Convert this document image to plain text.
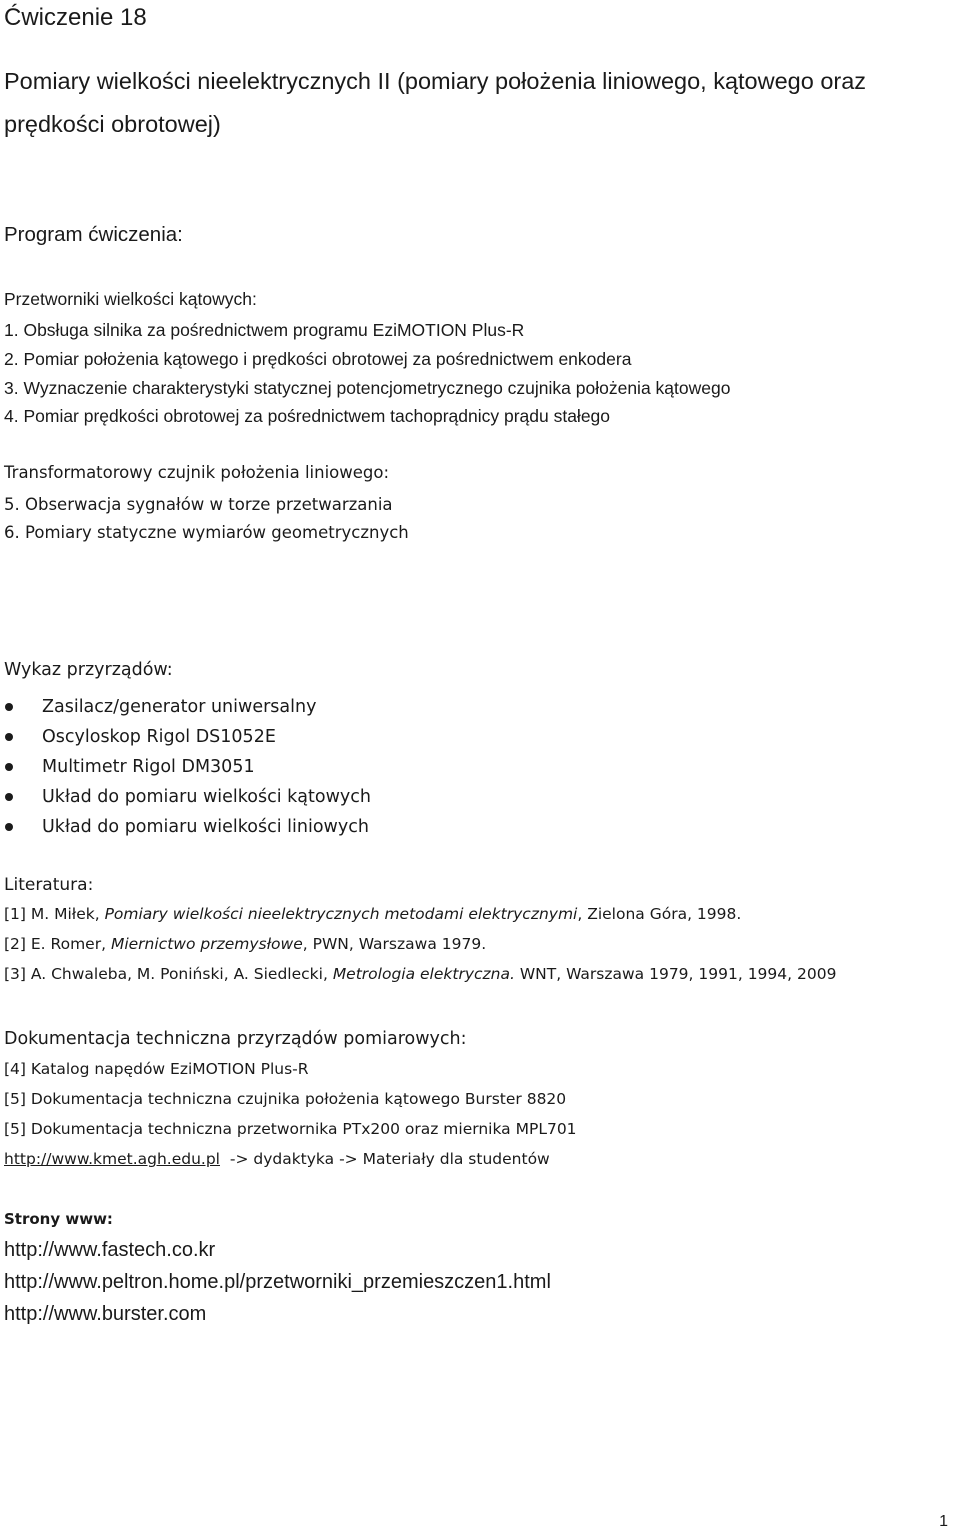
Ćwiczenie 18

Pomiary wielkości nieelektrycznych II (pomiary położenia liniowego, kątowego oraz prędkości obrotowej)

Program ćwiczenia:

Przetworniki wielkości kątowych:

1. Obsługa silnika za pośrednictwem programu EziMOTION Plus-R

2. Pomiar położenia kątowego i prędkości obrotowej za pośrednictwem enkodera

3. Wyznaczenie charakterystyki statycznej potencjometrycznego czujnika położenia kątowego

4. Pomiar prędkości obrotowej za pośrednictwem tachoprądnicy prądu stałego

Transformatorowy czujnik położenia liniowego:

5. Obserwacja sygnałów w torze przetwarzania

6. Pomiary statyczne wymiarów geometrycznych

Wykaz przyrządów:

Zasilacz/generator uniwersalny
Oscyloskop Rigol DS1052E
Multimetr Rigol DM3051
Układ do pomiaru wielkości kątowych
Układ do pomiaru wielkości liniowych

Literatura:

[1] M. Miłek, Pomiary wielkości nieelektrycznych metodami elektrycznymi, Zielona Góra, 1998.

[2] E. Romer, Miernictwo przemysłowe, PWN, Warszawa 1979.

[3] A. Chwaleba, M. Poniński, A. Siedlecki, Metrologia elektryczna. WNT, Warszawa 1979, 1991, 1994, 2009

Dokumentacja techniczna przyrządów pomiarowych:

[4] Katalog napędów EziMOTION Plus-R

[5] Dokumentacja techniczna czujnika położenia kątowego Burster 8820

[5] Dokumentacja techniczna przetwornika PTx200 oraz miernika MPL701

http://www.kmet.agh.edu.pl  -> dydaktyka -> Materiały dla studentów

Strony www:

http://www.fastech.co.kr

http://www.peltron.home.pl/przetworniki_przemieszczen1.html

http://www.burster.com

1
